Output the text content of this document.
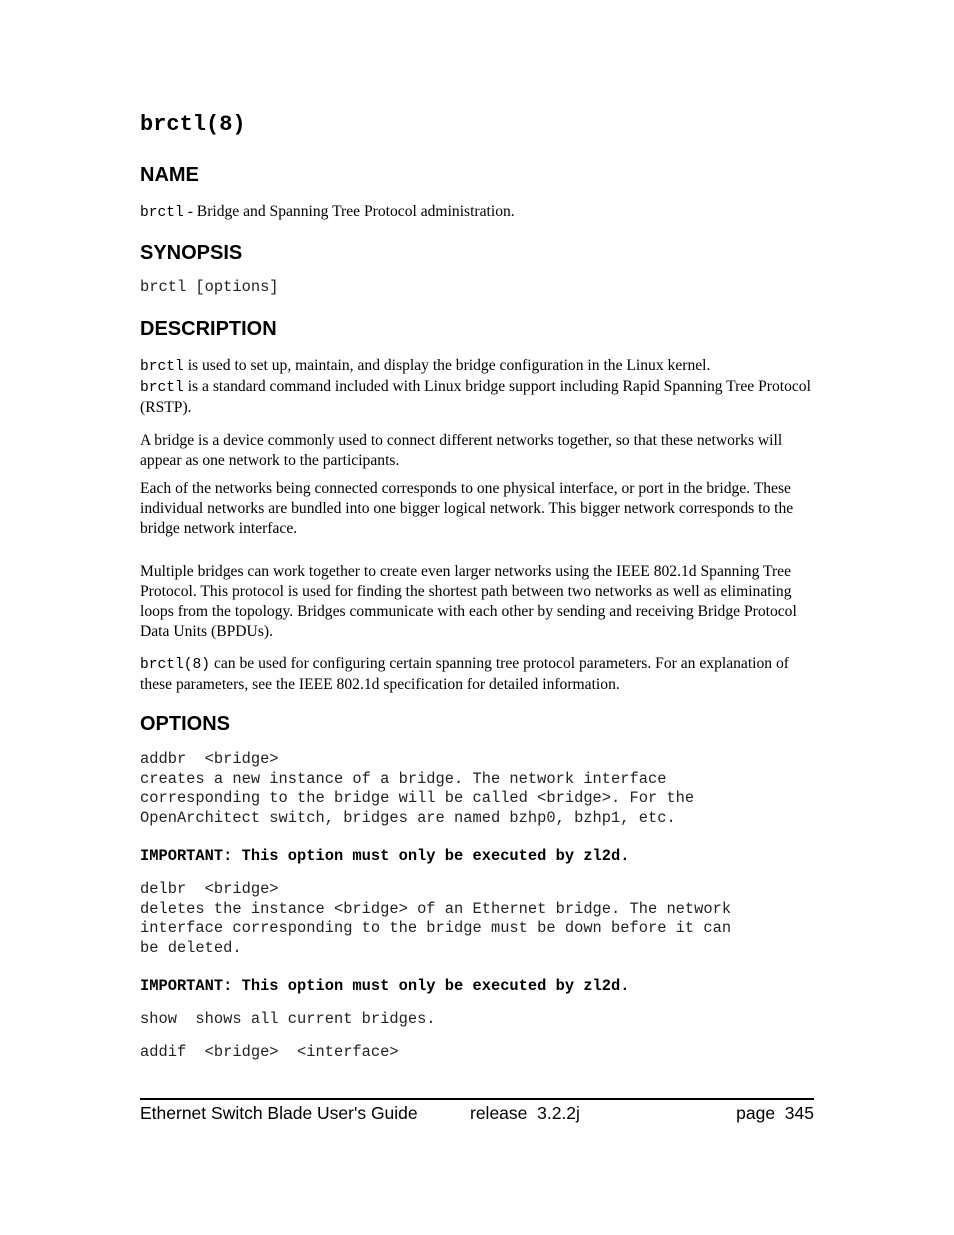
brctl(8)
NAME
brctl - Bridge and Spanning Tree Protocol administration.
SYNOPSIS
brctl [options]
DESCRIPTION
brctl is used to set up, maintain, and display the bridge configuration in the Linux kernel.
brctl is a standard command included with Linux bridge support including Rapid Spanning Tree Protocol (RSTP).
A bridge is a device commonly used to connect different networks together, so that these networks will appear as one network to the participants.
Each of the networks being connected corresponds to one physical interface, or port in the bridge. These individual networks are bundled into one bigger logical network. This bigger network corresponds to the bridge network interface.
Multiple bridges can work together to create even larger networks using the IEEE 802.1d Spanning Tree Protocol. This protocol is used for finding the shortest path between two networks as well as eliminating loops from the topology. Bridges communicate with each other by sending and receiving Bridge Protocol Data Units (BPDUs).
brctl(8) can be used for configuring certain spanning tree protocol parameters. For an explanation of these parameters, see the IEEE 802.1d specification for detailed information.
OPTIONS
addbr  <bridge>
creates a new instance of a bridge. The network interface
corresponding to the bridge will be called <bridge>. For the
OpenArchitect switch, bridges are named bzhp0, bzhp1, etc.
IMPORTANT: This option must only be executed by zl2d.
delbr  <bridge>
deletes the instance <bridge> of an Ethernet bridge. The network
interface corresponding to the bridge must be down before it can
be deleted.
IMPORTANT: This option must only be executed by zl2d.
show  shows all current bridges.
addif  <bridge>  <interface>
Ethernet Switch Blade User's Guide	release  3.2.2j	page  345
